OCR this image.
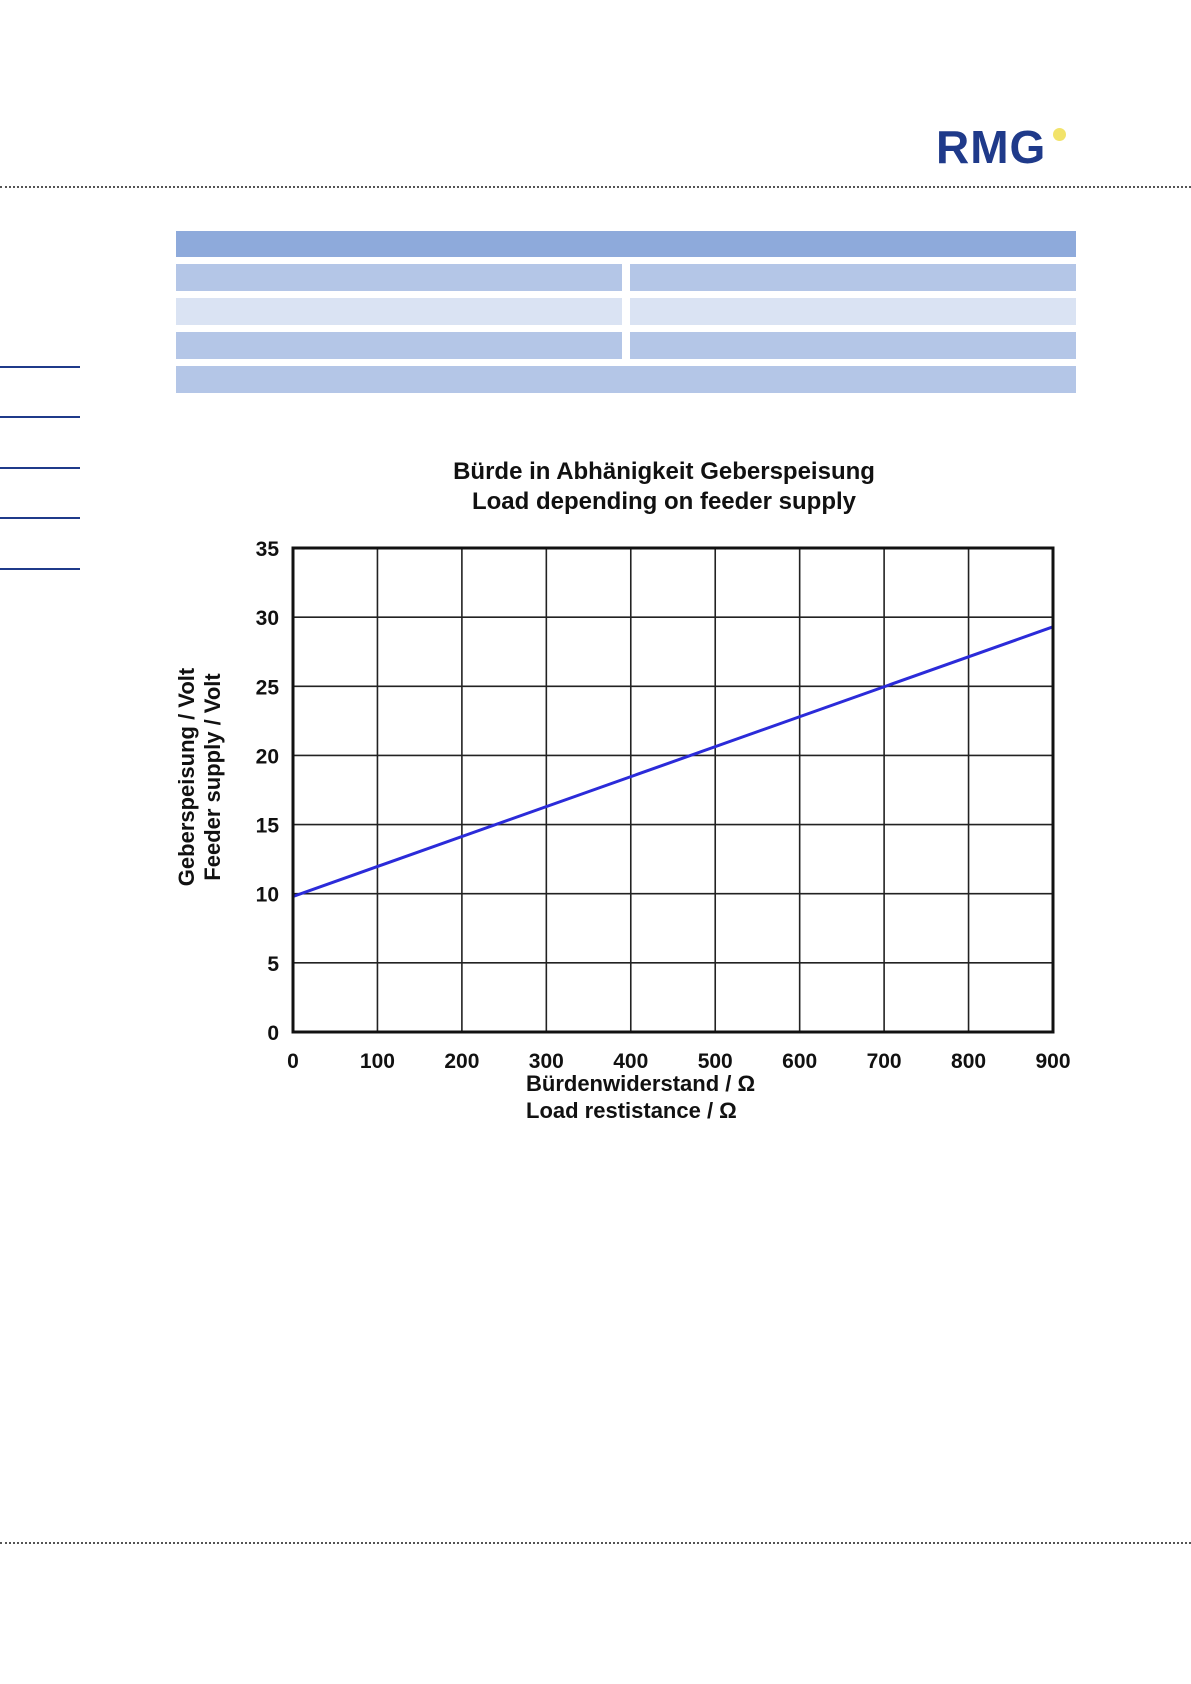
RMG
Bürde in Abhänigkeit Geberspeisung
Load depending on feeder supply
0
5
10
15
20
25
30
35
0	100 200 300 400 500 600 700 800 900
Bürdenwiderstand / Ω
Load restistance / Ω
Geberspeisung / Volt Feeder supply / Volt
